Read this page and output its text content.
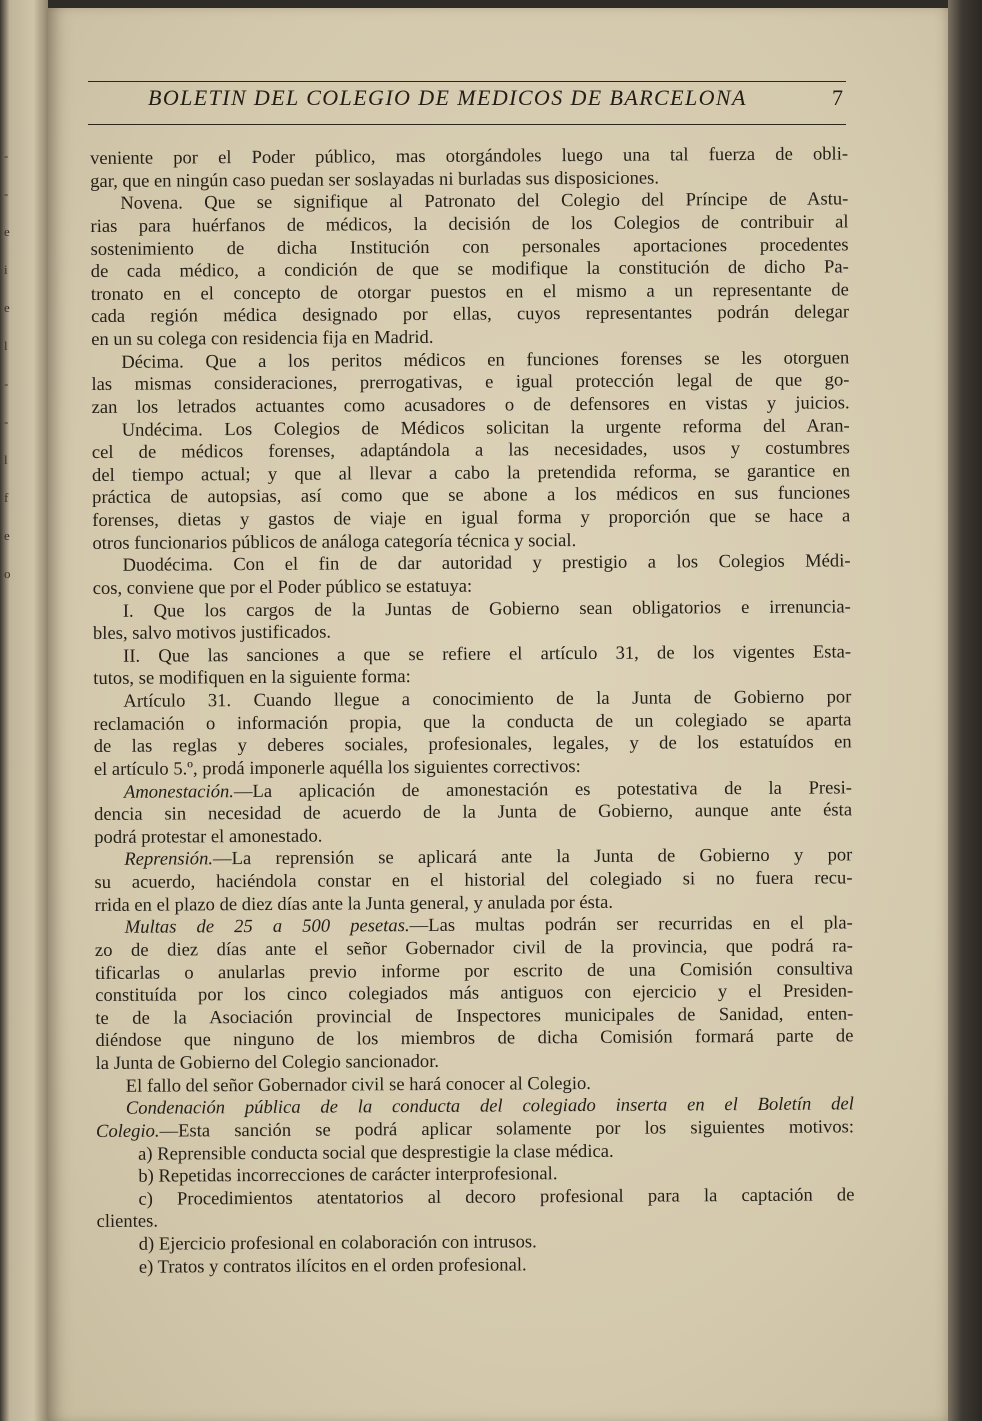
-
-
e
i
e
l
-
-
l
f
e
o
BOLETIN DEL COLEGIO DE MEDICOS DE BARCELONA	7
veniente por el Poder público, mas otorgándoles luego una tal fuerza de obli-
gar, que en ningún caso puedan ser soslayadas ni burladas sus disposiciones.
Novena. Que se signifique al Patronato del Colegio del Príncipe de Astu-
rias para huérfanos de médicos, la decisión de los Colegios de contribuir al
sostenimiento de dicha Institución con personales aportaciones procedentes
de cada médico, a condición de que se modifique la constitución de dicho Pa-
tronato en el concepto de otorgar puestos en el mismo a un representante de
cada región médica designado por ellas, cuyos representantes podrán delegar
en un su colega con residencia fija en Madrid.
Décima. Que a los peritos médicos en funciones forenses se les otorguen
las mismas consideraciones, prerrogativas, e igual protección legal de que go-
zan los letrados actuantes como acusadores o de defensores en vistas y juicios.
Undécima. Los Colegios de Médicos solicitan la urgente reforma del Aran-
cel de médicos forenses, adaptándola a las necesidades, usos y costumbres
del tiempo actual; y que al llevar a cabo la pretendida reforma, se garantice en
práctica de autopsias, así como que se abone a los médicos en sus funciones
forenses, dietas y gastos de viaje en igual forma y proporción que se hace a
otros funcionarios públicos de análoga categoría técnica y social.
Duodécima. Con el fin de dar autoridad y prestigio a los Colegios Médi-
cos, conviene que por el Poder público se estatuya:
I. Que los cargos de la Juntas de Gobierno sean obligatorios e irrenuncia-
bles, salvo motivos justificados.
II. Que las sanciones a que se refiere el artículo 31, de los vigentes Esta-
tutos, se modifiquen en la siguiente forma:
Artículo 31. Cuando llegue a conocimiento de la Junta de Gobierno por
reclamación o información propia, que la conducta de un colegiado se aparta
de las reglas y deberes sociales, profesionales, legales, y de los estatuídos en
el artículo 5.º, prodá imponerle aquélla los siguientes correctivos:
Amonestación.—La aplicación de amonestación es potestativa de la Presi-
dencia sin necesidad de acuerdo de la Junta de Gobierno, aunque ante ésta
podrá protestar el amonestado.
Reprensión.—La reprensión se aplicará ante la Junta de Gobierno y por
su acuerdo, haciéndola constar en el historial del colegiado si no fuera recu-
rrida en el plazo de diez días ante la Junta general, y anulada por ésta.
Multas de 25 a 500 pesetas.—Las multas podrán ser recurridas en el pla-
zo de diez días ante el señor Gobernador civil de la provincia, que podrá ra-
tificarlas o anularlas previo informe por escrito de una Comisión consultiva
constituída por los cinco colegiados más antiguos con ejercicio y el Presiden-
te de la Asociación provincial de Inspectores municipales de Sanidad, enten-
diéndose que ninguno de los miembros de dicha Comisión formará parte de
la Junta de Gobierno del Colegio sancionador.
El fallo del señor Gobernador civil se hará conocer al Colegio.
Condenación pública de la conducta del colegiado inserta en el Boletín del
Colegio.—Esta sanción se podrá aplicar solamente por los siguientes motivos:
a) Reprensible conducta social que desprestigie la clase médica.
b) Repetidas incorrecciones de carácter interprofesional.
c) Procedimientos atentatorios al decoro profesional para la captación de
clientes.
d) Ejercicio profesional en colaboración con intrusos.
e) Tratos y contratos ilícitos en el orden profesional.
